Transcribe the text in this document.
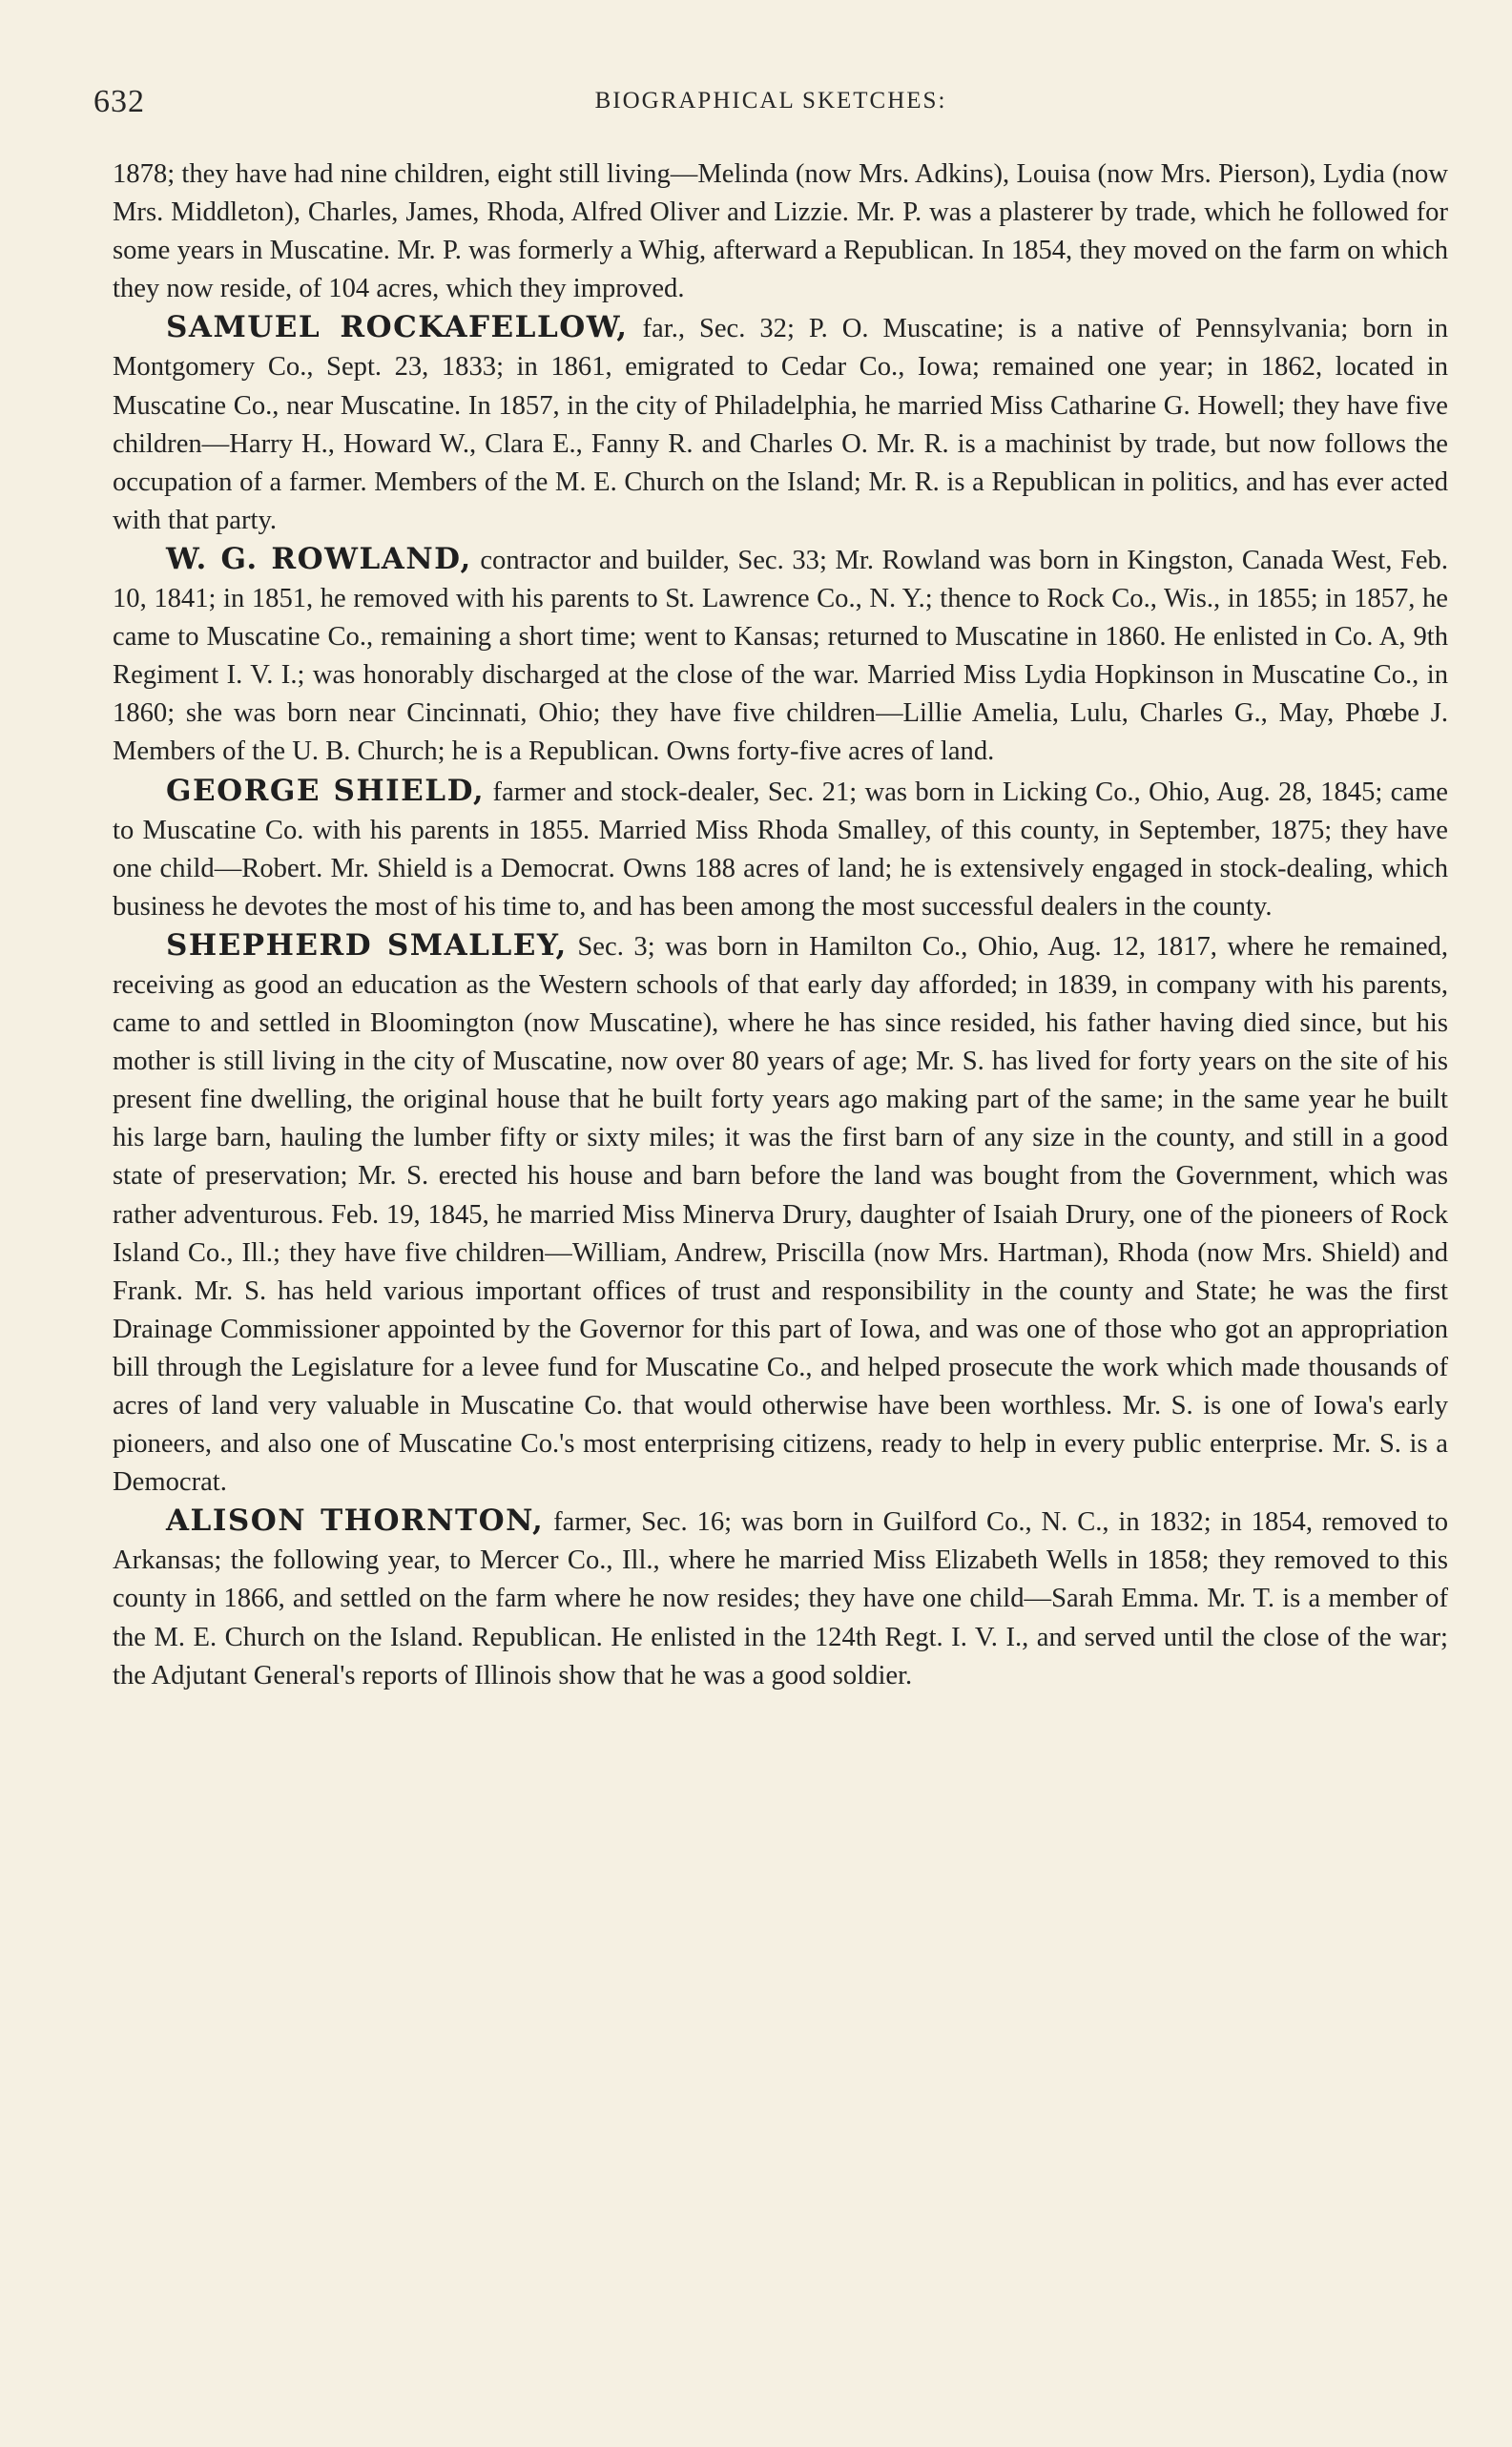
632	BIOGRAPHICAL SKETCHES:

1878; they have had nine children, eight still living—Melinda (now Mrs. Adkins), Louisa (now Mrs. Pierson), Lydia (now Mrs. Middleton), Charles, James, Rhoda, Alfred Oliver and Lizzie. Mr. P. was a plasterer by trade, which he followed for some years in Muscatine. Mr. P. was formerly a Whig, afterward a Republican. In 1854, they moved on the farm on which they now reside, of 104 acres, which they improved.

SAMUEL ROCKAFELLOW, far., Sec. 32; P. O. Muscatine; is a native of Pennsylvania; born in Montgomery Co., Sept. 23, 1833; in 1861, emigrated to Cedar Co., Iowa; remained one year; in 1862, located in Muscatine Co., near Muscatine. In 1857, in the city of Philadelphia, he married Miss Catharine G. Howell; they have five children—Harry H., Howard W., Clara E., Fanny R. and Charles O. Mr. R. is a machinist by trade, but now follows the occupation of a farmer. Members of the M. E. Church on the Island; Mr. R. is a Republican in politics, and has ever acted with that party.

W. G. ROWLAND, contractor and builder, Sec. 33; Mr. Rowland was born in Kingston, Canada West, Feb. 10, 1841; in 1851, he removed with his parents to St. Lawrence Co., N. Y.; thence to Rock Co., Wis., in 1855; in 1857, he came to Muscatine Co., remaining a short time; went to Kansas; returned to Muscatine in 1860. He enlisted in Co. A, 9th Regiment I. V. I.; was honorably discharged at the close of the war. Married Miss Lydia Hopkinson in Muscatine Co., in 1860; she was born near Cincinnati, Ohio; they have five children—Lillie Amelia, Lulu, Charles G., May, Phœbe J. Members of the U. B. Church; he is a Republican. Owns forty-five acres of land.

GEORGE SHIELD, farmer and stock-dealer, Sec. 21; was born in Licking Co., Ohio, Aug. 28, 1845; came to Muscatine Co. with his parents in 1855. Married Miss Rhoda Smalley, of this county, in September, 1875; they have one child—Robert. Mr. Shield is a Democrat. Owns 188 acres of land; he is extensively engaged in stock-dealing, which business he devotes the most of his time to, and has been among the most successful dealers in the county.

SHEPHERD SMALLEY, Sec. 3; was born in Hamilton Co., Ohio, Aug. 12, 1817, where he remained, receiving as good an education as the Western schools of that early day afforded; in 1839, in company with his parents, came to and settled in Bloomington (now Muscatine), where he has since resided, his father having died since, but his mother is still living in the city of Muscatine, now over 80 years of age; Mr. S. has lived for forty years on the site of his present fine dwelling, the original house that he built forty years ago making part of the same; in the same year he built his large barn, hauling the lumber fifty or sixty miles; it was the first barn of any size in the county, and still in a good state of preservation; Mr. S. erected his house and barn before the land was bought from the Government, which was rather adventurous. Feb. 19, 1845, he married Miss Minerva Drury, daughter of Isaiah Drury, one of the pioneers of Rock Island Co., Ill.; they have five children—William, Andrew, Priscilla (now Mrs. Hartman), Rhoda (now Mrs. Shield) and Frank. Mr. S. has held various important offices of trust and responsibility in the county and State; he was the first Drainage Commissioner appointed by the Governor for this part of Iowa, and was one of those who got an appropriation bill through the Legislature for a levee fund for Muscatine Co., and helped prosecute the work which made thousands of acres of land very valuable in Muscatine Co. that would otherwise have been worthless. Mr. S. is one of Iowa's early pioneers, and also one of Muscatine Co.'s most enterprising citizens, ready to help in every public enterprise. Mr. S. is a Democrat.

ALISON THORNTON, farmer, Sec. 16; was born in Guilford Co., N. C., in 1832; in 1854, removed to Arkansas; the following year, to Mercer Co., Ill., where he married Miss Elizabeth Wells in 1858; they removed to this county in 1866, and settled on the farm where he now resides; they have one child—Sarah Emma. Mr. T. is a member of the M. E. Church on the Island. Republican. He enlisted in the 124th Regt. I. V. I., and served until the close of the war; the Adjutant General's reports of Illinois show that he was a good soldier.
